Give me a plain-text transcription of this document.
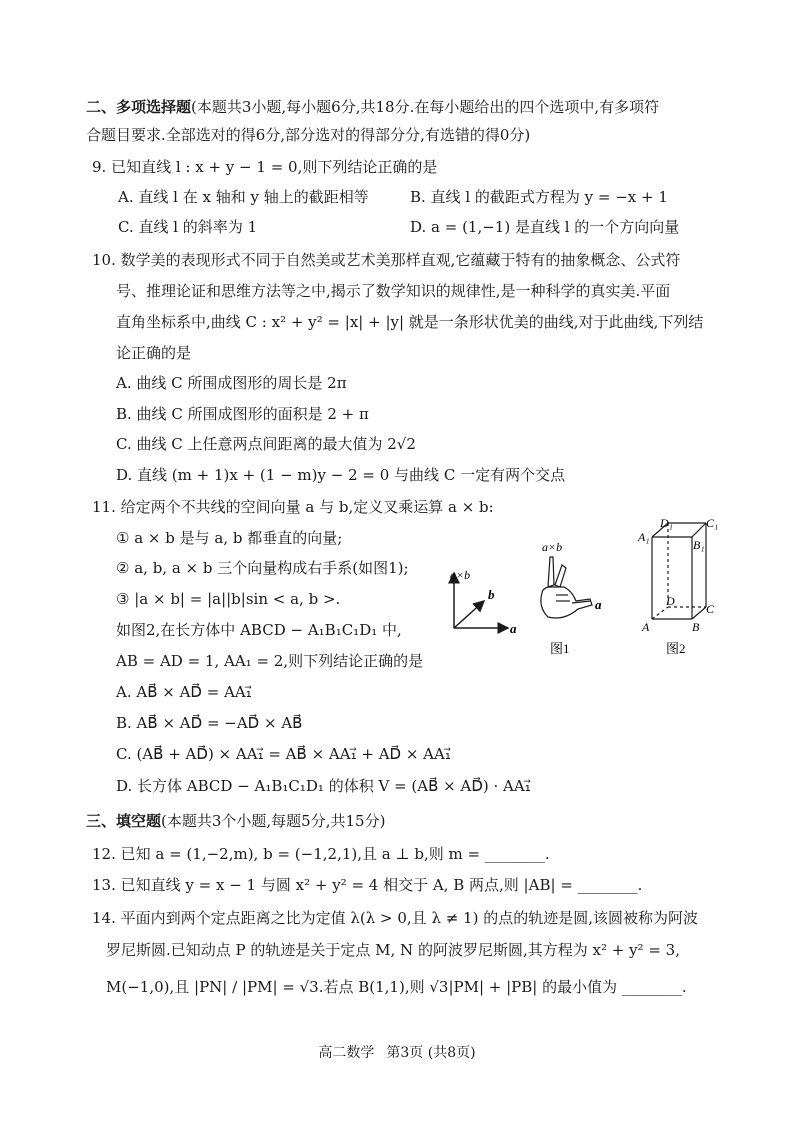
二、多项选择题(本题共3小题,每小题6分,共18分.在每小题给出的四个选项中,有多项符
合题目要求.全部选对的得6分,部分选对的得部分分,有选错的得0分)
9. 已知直线 l : x + y − 1 = 0,则下列结论正确的是
A. 直线 l 在 x 轴和 y 轴上的截距相等	B. 直线 l 的截距式方程为 y = −x + 1
C. 直线 l 的斜率为 1	D. a = (1,−1) 是直线 l 的一个方向向量
10. 数学美的表现形式不同于自然美或艺术美那样直观,它蕴藏于特有的抽象概念、公式符
号、推理论证和思维方法等之中,揭示了数学知识的规律性,是一种科学的真实美.平面
直角坐标系中,曲线 C : x² + y² = |x| + |y| 就是一条形状优美的曲线,对于此曲线,下列结
论正确的是
A. 曲线 C 所围成图形的周长是 2π
B. 曲线 C 所围成图形的面积是 2 + π
C. 曲线 C 上任意两点间距离的最大值为 2√2
D. 直线 (m + 1)x + (1 − m)y − 2 = 0 与曲线 C 一定有两个交点
11. 给定两个不共线的空间向量 a 与 b,定义叉乘运算 a × b:
① a × b 是与 a, b 都垂直的向量;
② a, b, a × b 三个向量构成右手系(如图1);
③ |a × b| = |a||b|sin < a, b >.
如图2,在长方体中 ABCD − A₁B₁C₁D₁ 中,
AB = AD = 1, AA₁ = 2,则下列结论正确的是
A. AB⃗ × AD⃗ = AA₁⃗
B. AB⃗ × AD⃗ = −AD⃗ × AB⃗
C. (AB⃗ + AD⃗) × AA₁⃗ = AB⃗ × AA₁⃗ + AD⃗ × AA₁⃗
D. 长方体 ABCD − A₁B₁C₁D₁ 的体积 V = (AB⃗ × AD⃗) · AA₁⃗
a×b
a
b
a×b
a
图1
A₁
B₁
C₁
D₁
A	B
C
D
图2
三、填空题(本题共3个小题,每题5分,共15分)
12. 已知 a = (1,−2,m), b = (−1,2,1),且 a ⊥ b,则 m = ________.
13. 已知直线 y = x − 1 与圆 x² + y² = 4 相交于 A, B 两点,则 |AB| = ________.
14. 平面内到两个定点距离之比为定值 λ(λ > 0,且 λ ≠ 1) 的点的轨迹是圆,该圆被称为阿波
罗尼斯圆.已知动点 P 的轨迹是关于定点 M, N 的阿波罗尼斯圆,其方程为 x² + y² = 3,
M(−1,0),且 |PN| / |PM| = √3.若点 B(1,1),则 √3|PM| + |PB| 的最小值为 ________.
高二数学 第3页 (共8页)
